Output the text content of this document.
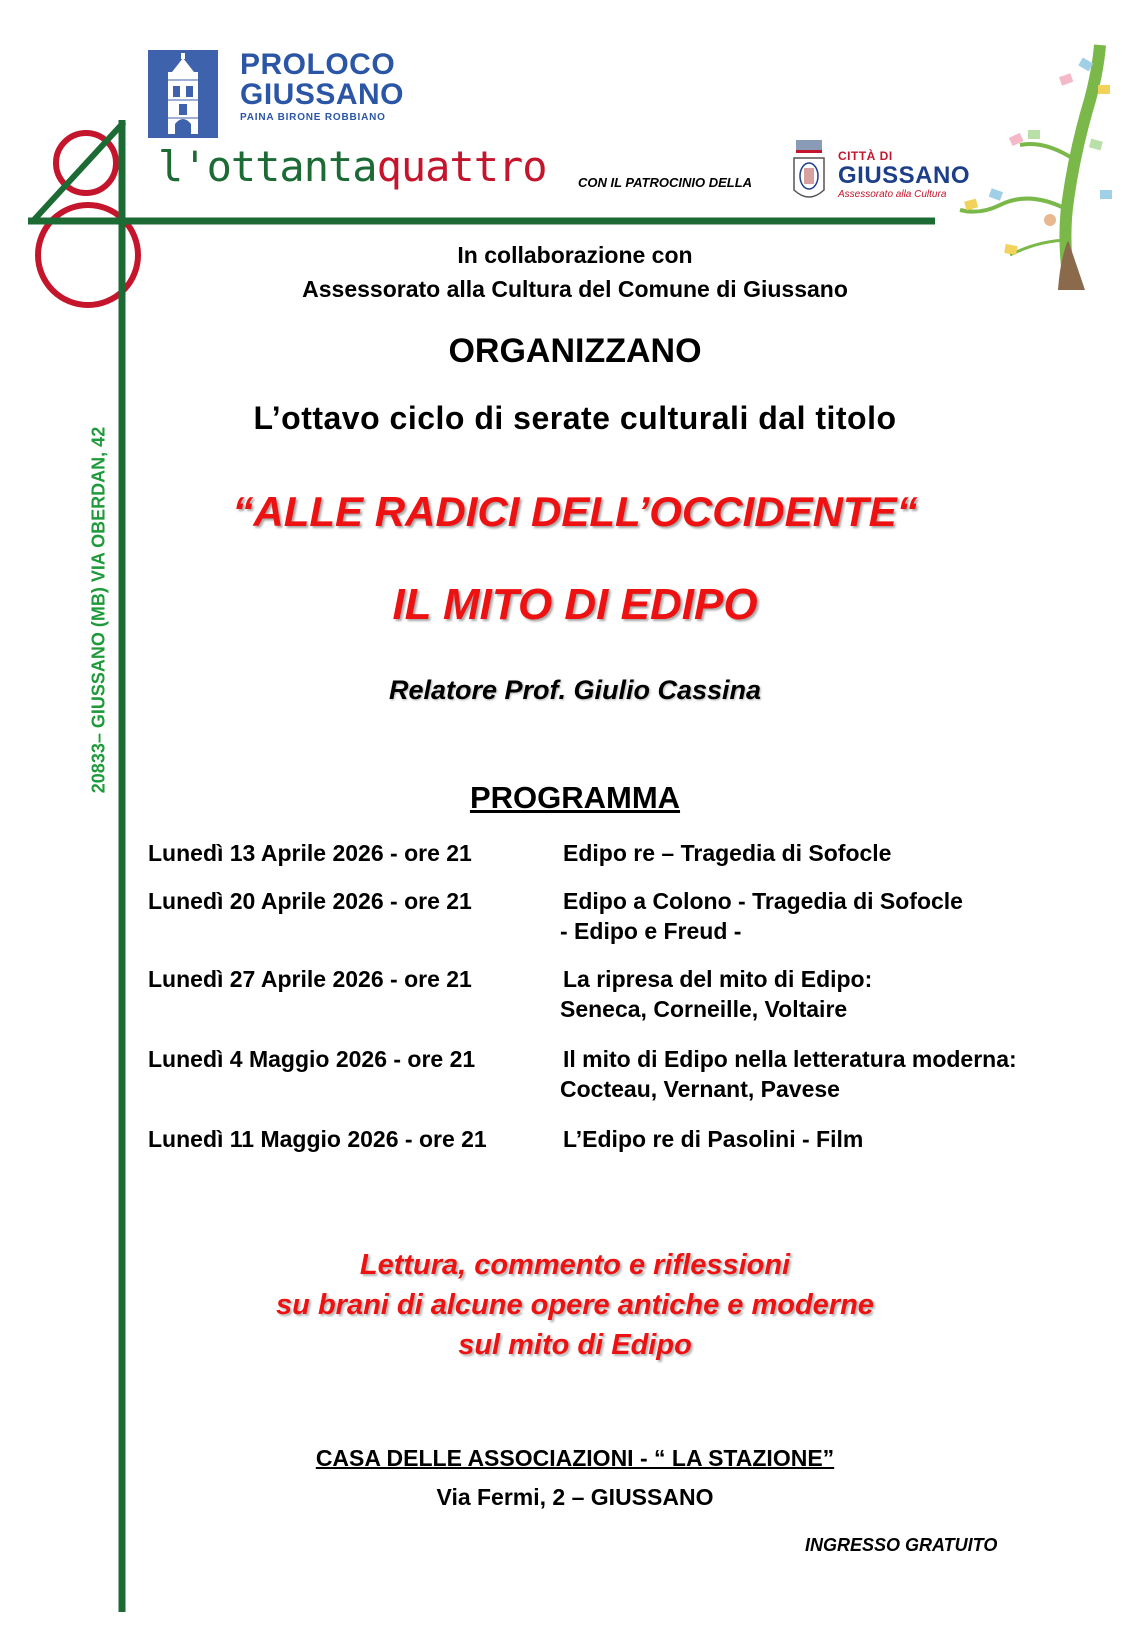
PROLOCO
GIUSSANO
PAINA BIRONE ROBBIANO
l'ottantaquattro CON IL PATROCINIO DELLA
CITTÀ DI
GIUSSANO
Assessorato alla Cultura
20833– GIUSSANO (MB) VIA OBERDAN, 42
In collaborazione con
Assessorato alla Cultura del Comune di Giussano
ORGANIZZANO
L’ottavo ciclo di serate culturali dal titolo
“ALLE RADICI DELL’OCCIDENTE“
IL MITO DI EDIPO
Relatore Prof. Giulio Cassina
PROGRAMMA
Lunedì 13 Aprile 2026 - ore 21	Edipo re – Tragedia di Sofocle
Lunedì 20 Aprile 2026 - ore 21	Edipo a Colono - Tragedia di Sofocle
- Edipo e Freud -
Lunedì 27 Aprile 2026 - ore 21	La ripresa del mito di Edipo:
Seneca, Corneille, Voltaire
Lunedì 4 Maggio 2026 - ore 21	Il mito di Edipo nella letteratura moderna:
Cocteau, Vernant, Pavese
Lunedì 11 Maggio 2026 - ore 21	L’Edipo re di Pasolini - Film
Lettura, commento e riflessioni
su brani di alcune opere antiche e moderne
sul mito di Edipo
CASA DELLE ASSOCIAZIONI - “ LA STAZIONE”
Via Fermi, 2 – GIUSSANO
INGRESSO GRATUITO
